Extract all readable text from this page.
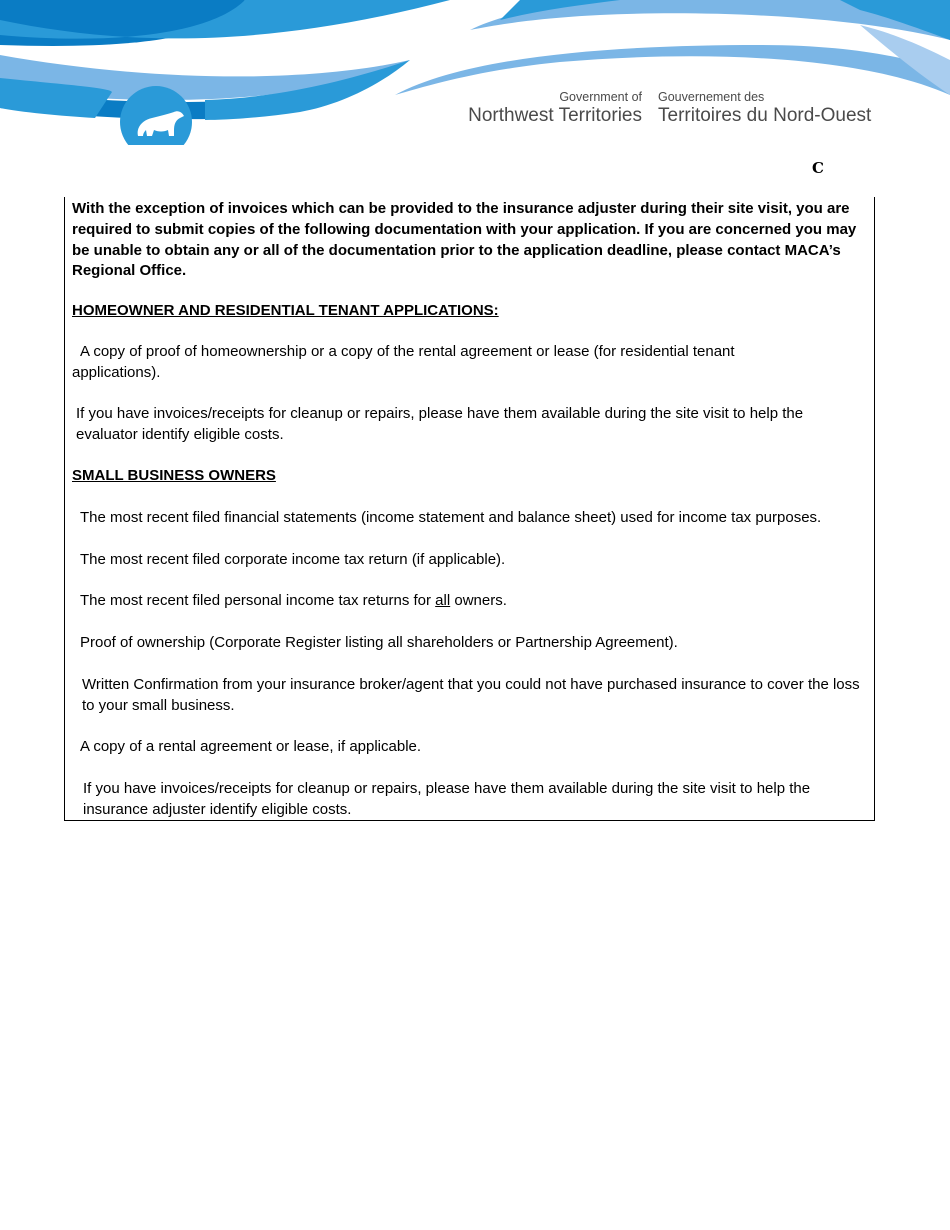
Government of
Northwest Territories
Gouvernement des
Territoires du Nord-Ouest
C

With the exception of invoices which can be provided to the insurance adjuster during their site visit, you are required to submit copies of the following documentation with your application. If you are concerned you may be unable to obtain any or all of the documentation prior to the application deadline, please contact MACA’s Regional Office.

HOMEOWNER AND RESIDENTIAL TENANT APPLICATIONS:

A copy of proof of homeownership or a copy of the rental agreement or lease (for residential tenant applications).

If you have invoices/receipts for cleanup or repairs, please have them available during the site visit to help the evaluator identify eligible costs.

SMALL BUSINESS OWNERS

The most recent filed financial statements (income statement and balance sheet) used for income tax purposes.

The most recent filed corporate income tax return (if applicable).

The most recent filed personal income tax returns for all owners.

Proof of ownership (Corporate Register listing all shareholders or Partnership Agreement).

Written Confirmation from your insurance broker/agent that you could not have purchased insurance to cover the loss to your small business.

A copy of a rental agreement or lease, if applicable.

If you have invoices/receipts for cleanup or repairs, please have them available during the site visit to help the insurance adjuster identify eligible costs.
